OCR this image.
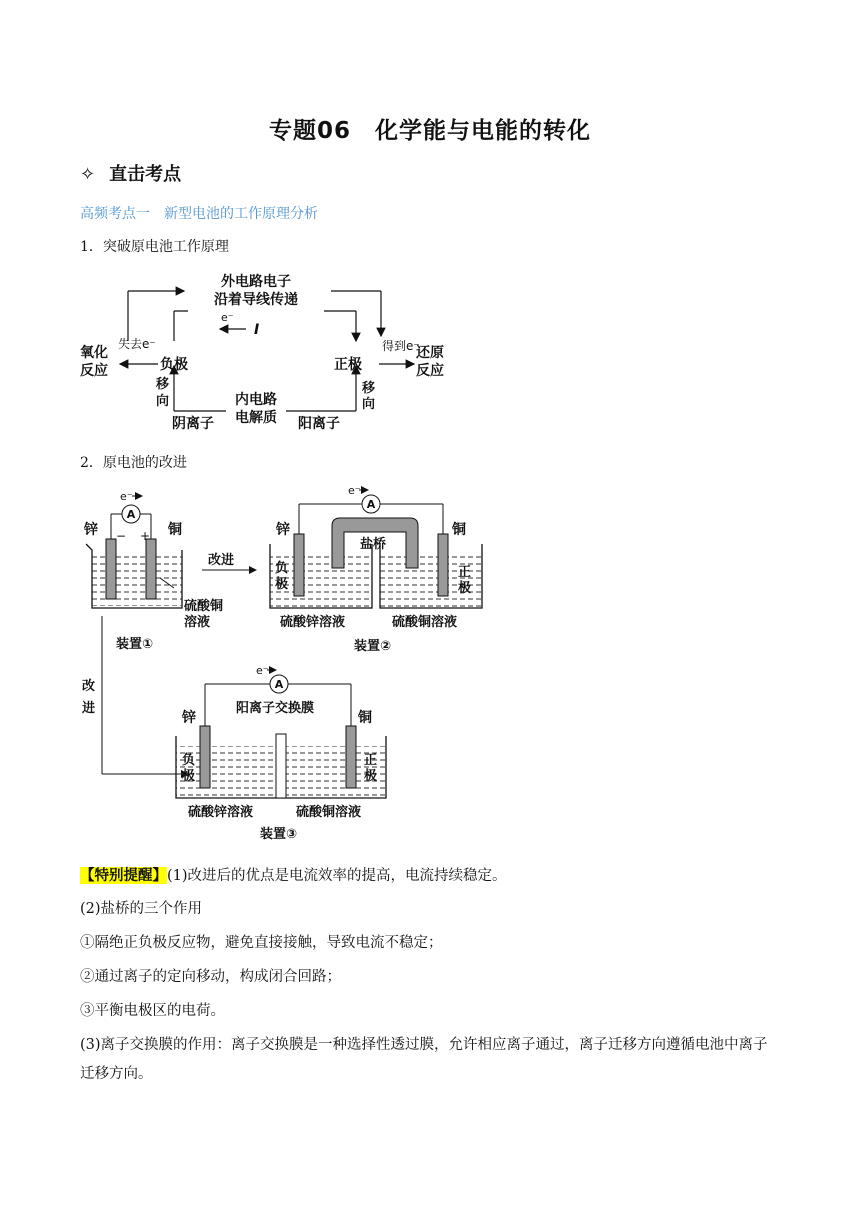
专题06　化学能与电能的转化
✧ 直击考点
高频考点一　新型电池的工作原理分析
1．突破原电池工作原理
外电路电子
沿着导线传递
e⁻
I
失去e⁻	得到e⁻
氧化
反应	负极	正极
还原
反应
移
向
移
向
内电路
电解质
阴离子	阳离子
2．原电池的改进
A
e⁻
锌	铜
− +
硫酸铜
溶液
装置①
改进
A
e⁻
锌	铜
盐桥
负
极
正
极
硫酸锌溶液	硫酸铜溶液
装置②
改
进
A
e⁻
锌	铜
阳离子交换膜
负
极
正
极
硫酸锌溶液	硫酸铜溶液
装置③
【特别提醒】(1)改进后的优点是电流效率的提高，电流持续稳定。
(2)盐桥的三个作用
①隔绝正负极反应物，避免直接接触，导致电流不稳定；
②通过离子的定向移动，构成闭合回路；
③平衡电极区的电荷。
(3)离子交换膜的作用：离子交换膜是一种选择性透过膜，允许相应离子通过，离子迁移方向遵循电池中离子迁移方向。
